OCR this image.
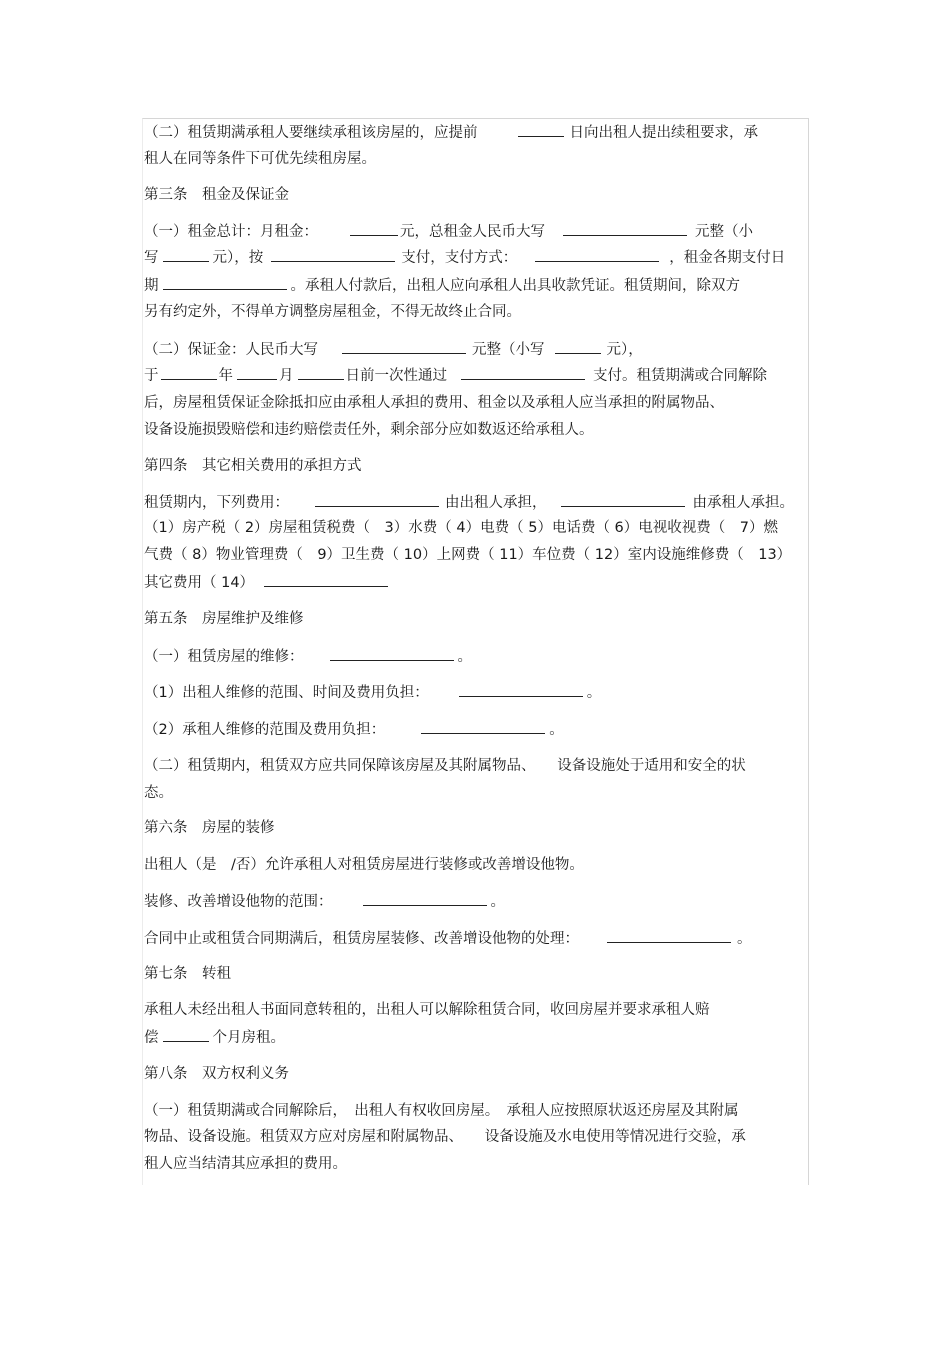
（二）租赁期满承租人要继续承租该房屋的，应提前	日向出租人提出续租要求，承
租人在同等条件下可优先续租房屋。
第三条　租金及保证金
（一）租金总计：月租金：	元，总租金人民币大写	元整（小
写	元），按	支付，支付方式：	，租金各期支付日
期	。承租人付款后，出租人应向承租人出具收款凭证。租赁期间，除双方
另有约定外，不得单方调整房屋租金，不得无故终止合同。
（二）保证金：人民币大写	元整（小写	元），
于	年	月	日前一次性通过	支付。租赁期满或合同解除
后，房屋租赁保证金除抵扣应由承租人承担的费用、租金以及承租人应当承担的附属物品、
设备设施损毁赔偿和违约赔偿责任外，剩余部分应如数返还给承租人。
第四条　其它相关费用的承担方式
租赁期内，下列费用：	由出租人承担，	由承租人承担。
（1）房产税（ 2）房屋租赁税费（　3）水费（ 4）电费（ 5）电话费（ 6）电视收视费（　7）燃
气费（ 8）物业管理费（　9）卫生费（ 10）上网费（ 11）车位费（ 12）室内设施维修费（　13）
其它费用（ 14）
第五条　房屋维护及维修
（一）租赁房屋的维修：	。
（1）出租人维修的范围、时间及费用负担：	。
（2）承租人维修的范围及费用负担：	。
（二）租赁期内，租赁双方应共同保障该房屋及其附属物品、　　设备设施处于适用和安全的状
态。
第六条　房屋的装修
出租人（是　/否）允许承租人对租赁房屋进行装修或改善增设他物。
装修、改善增设他物的范围：	。
合同中止或租赁合同期满后，租赁房屋装修、改善增设他物的处理：	。
第七条　转租
承租人未经出租人书面同意转租的，出租人可以解除租赁合同，收回房屋并要求承租人赔
偿	个月房租。
第八条　双方权利义务
（一）租赁期满或合同解除后，　出租人有权收回房屋。　承租人应按照原状返还房屋及其附属
物品、设备设施。租赁双方应对房屋和附属物品、　　设备设施及水电使用等情况进行交验，承
租人应当结清其应承担的费用。
